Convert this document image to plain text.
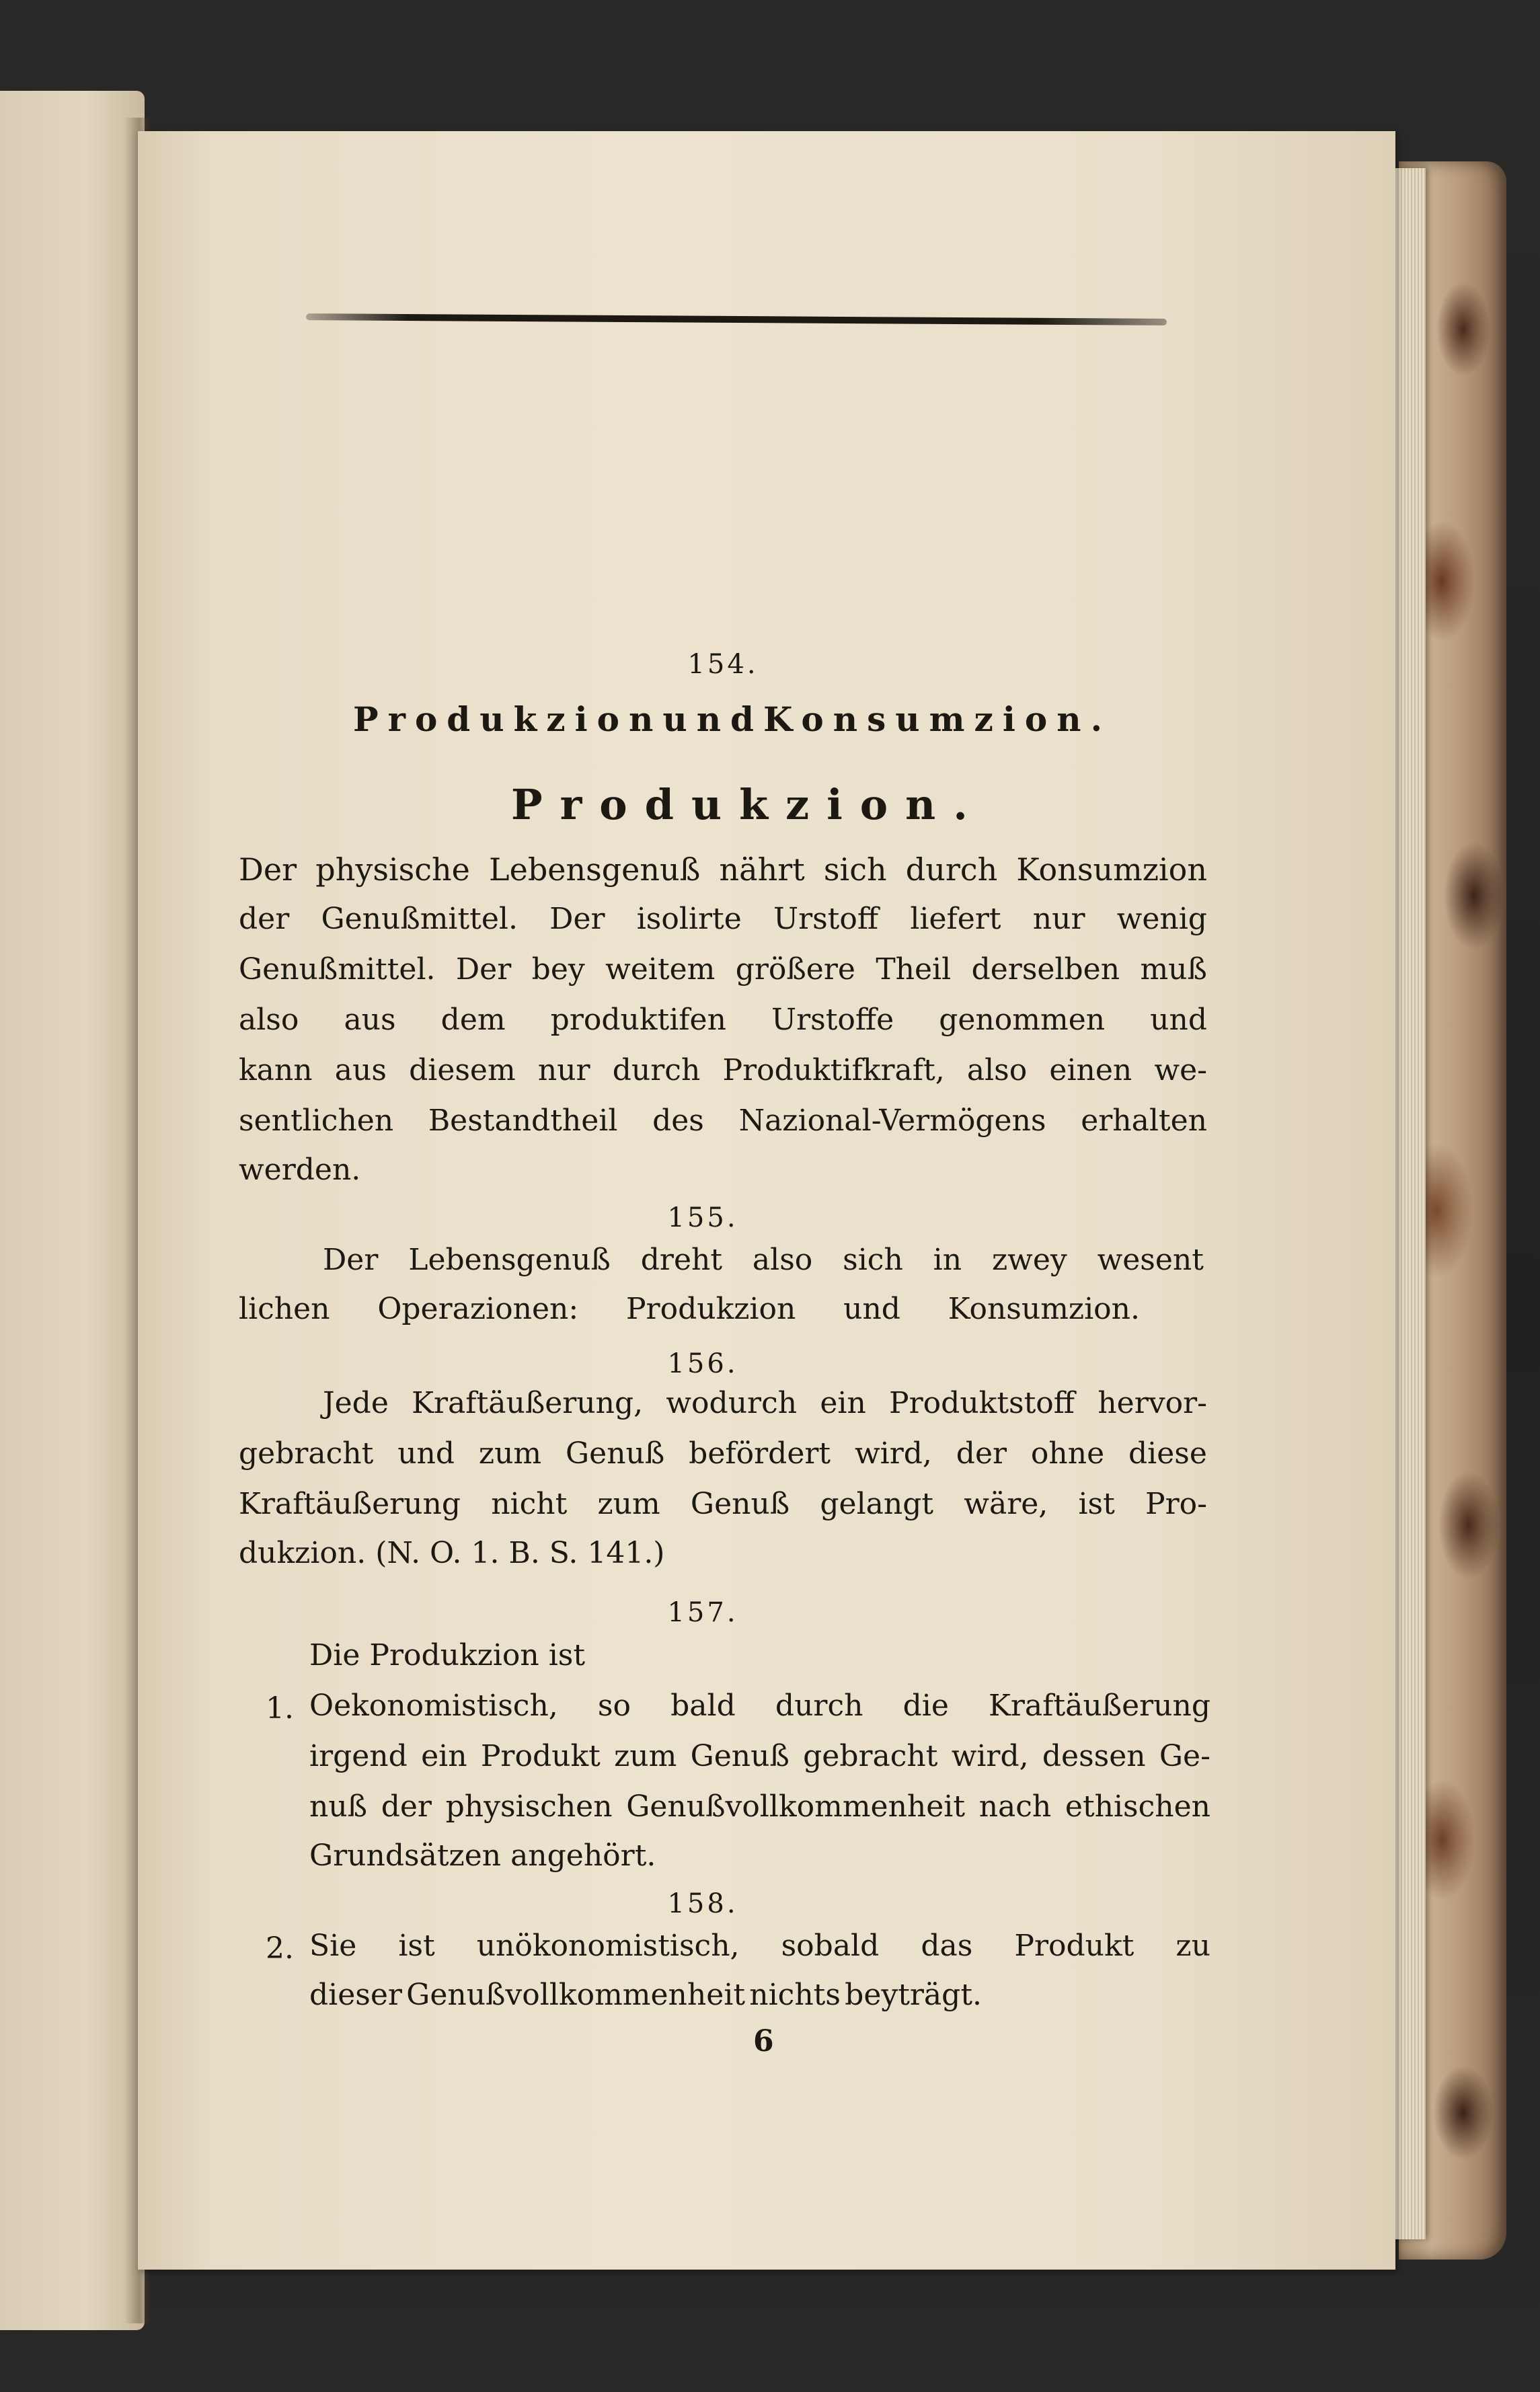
154.
Produkzion und Konsumzion.
Produkzion.
Der physische Lebensgenuß nährt sich durch Konsumzion
der Genußmittel. Der isolirte Urstoff liefert nur wenig
Genußmittel. Der bey weitem größere Theil derselben muß
also aus dem produktifen Urstoffe genommen und
kann aus diesem nur durch Produktifkraft, also einen we-
sentlichen Bestandtheil des Nazional-Vermögens erhalten
werden.
155.
Der Lebensgenuß dreht also sich in zwey wesent
lichen Operazionen: Produkzion und Konsumzion.
156.
Jede Kraftäußerung, wodurch ein Produktstoff hervor-
gebracht und zum Genuß befördert wird, der ohne diese
Kraftäußerung nicht zum Genuß gelangt wäre, ist Pro-
dukzion. (N. O. 1. B. S. 141.)
157.
Die Produkzion ist
1. Oekonomistisch, so bald durch die Kraftäußerung
irgend ein Produkt zum Genuß gebracht wird, dessen Ge-
nuß der physischen Genußvollkommenheit nach ethischen
Grundsätzen angehört.
158.
2. Sie ist unökonomistisch, sobald das Produkt zu
dieser Genußvollkommenheit nichts beyträgt.
6
